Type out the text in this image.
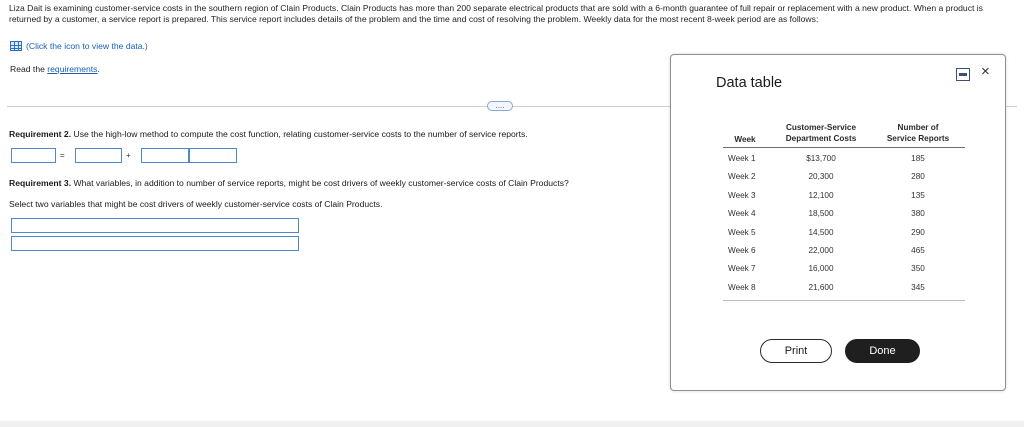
Liza Dait is examining customer-service costs in the southern region of Clain Products. Clain Products has more than 200 separate electrical products that are sold with a 6-month guarantee of full repair or replacement with a new product. When a product is returned by a customer, a service report is prepared. This service report includes details of the problem and the time and cost of resolving the problem. Weekly data for the most recent 8-week period are as follows:
(Click the icon to view the data.)
Read the requirements.
....
Requirement 2. Use the high-low method to compute the cost function, relating customer-service costs to the number of service reports.
=	+
Requirement 3. What variables, in addition to number of service reports, might be cost drivers of weekly customer-service costs of Clain Products?
Select two variables that might be cost drivers of weekly customer-service costs of Clain Products.
Data table
×
Week
Customer-Service
Department Costs
Number of
Service Reports
Week 1	$13,700	185
Week 2	20,300	280
Week 3	12,100	135
Week 4	18,500	380
Week 5	14,500	290
Week 6	22,000	465
Week 7	16,000	350
Week 8	21,600	345
Print	Done
